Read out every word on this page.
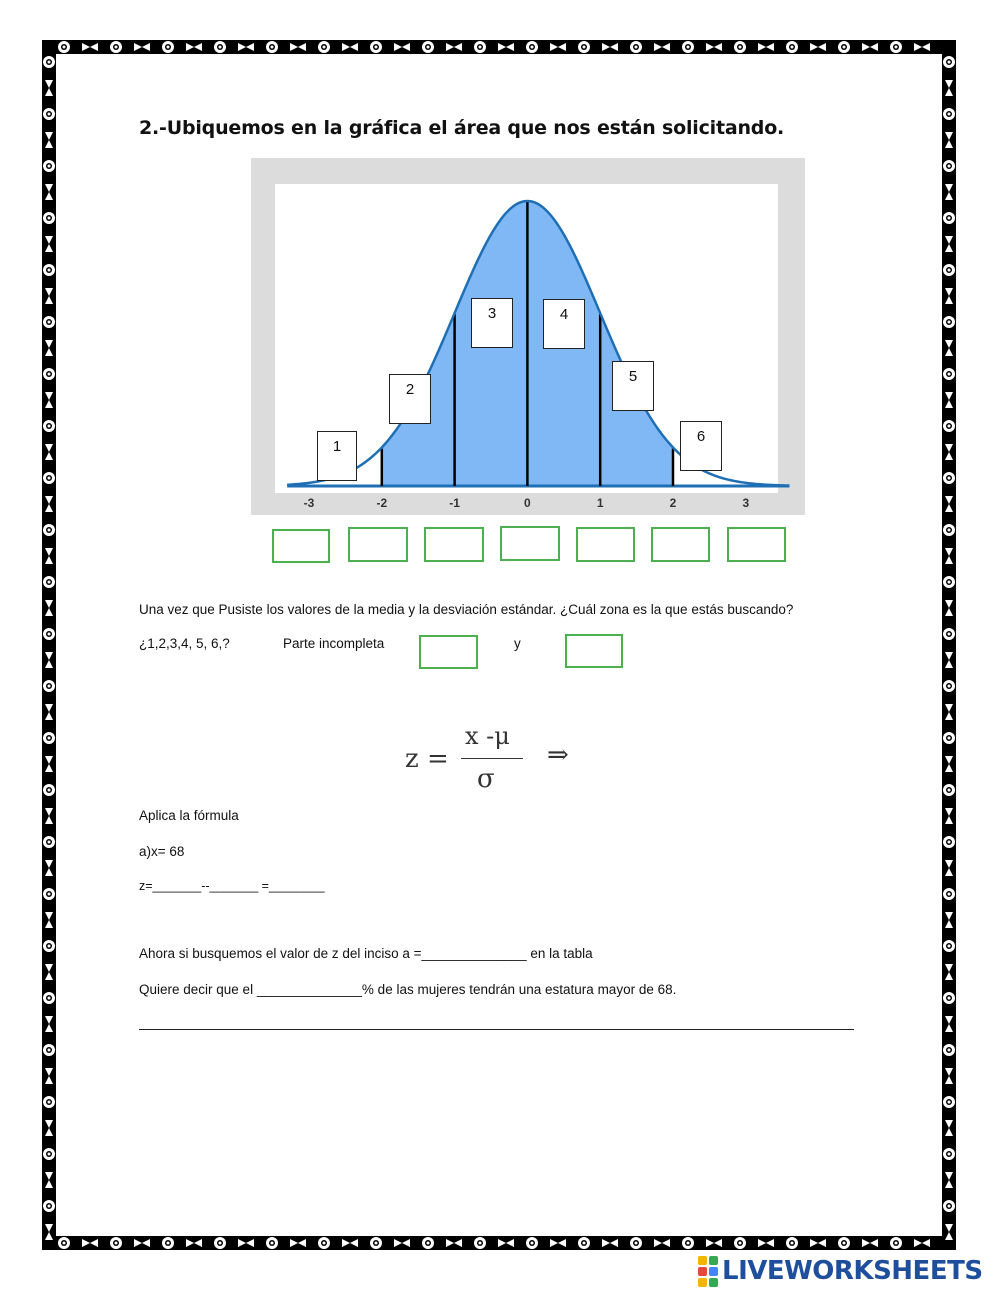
2.-Ubiquemos en la gráfica el área que nos están solicitando.
-3	-2	-1	0	1	2	3
1
2
3	4
5
6
Una vez que Pusiste los valores de la media y la desviación estándar. ¿Cuál zona es la que estás buscando?
¿1,2,3,4, 5, 6,?	Parte incompleta	y
z =
x -μ
σ
⇒
Aplica la fórmula
a)x= 68
z=_______--_______ =________
Ahora si busquemos el valor de z del inciso a =______________ en la tabla
Quiere decir que el ______________% de las mujeres tendrán una estatura mayor de 68.
LIVEWORKSHEETS
